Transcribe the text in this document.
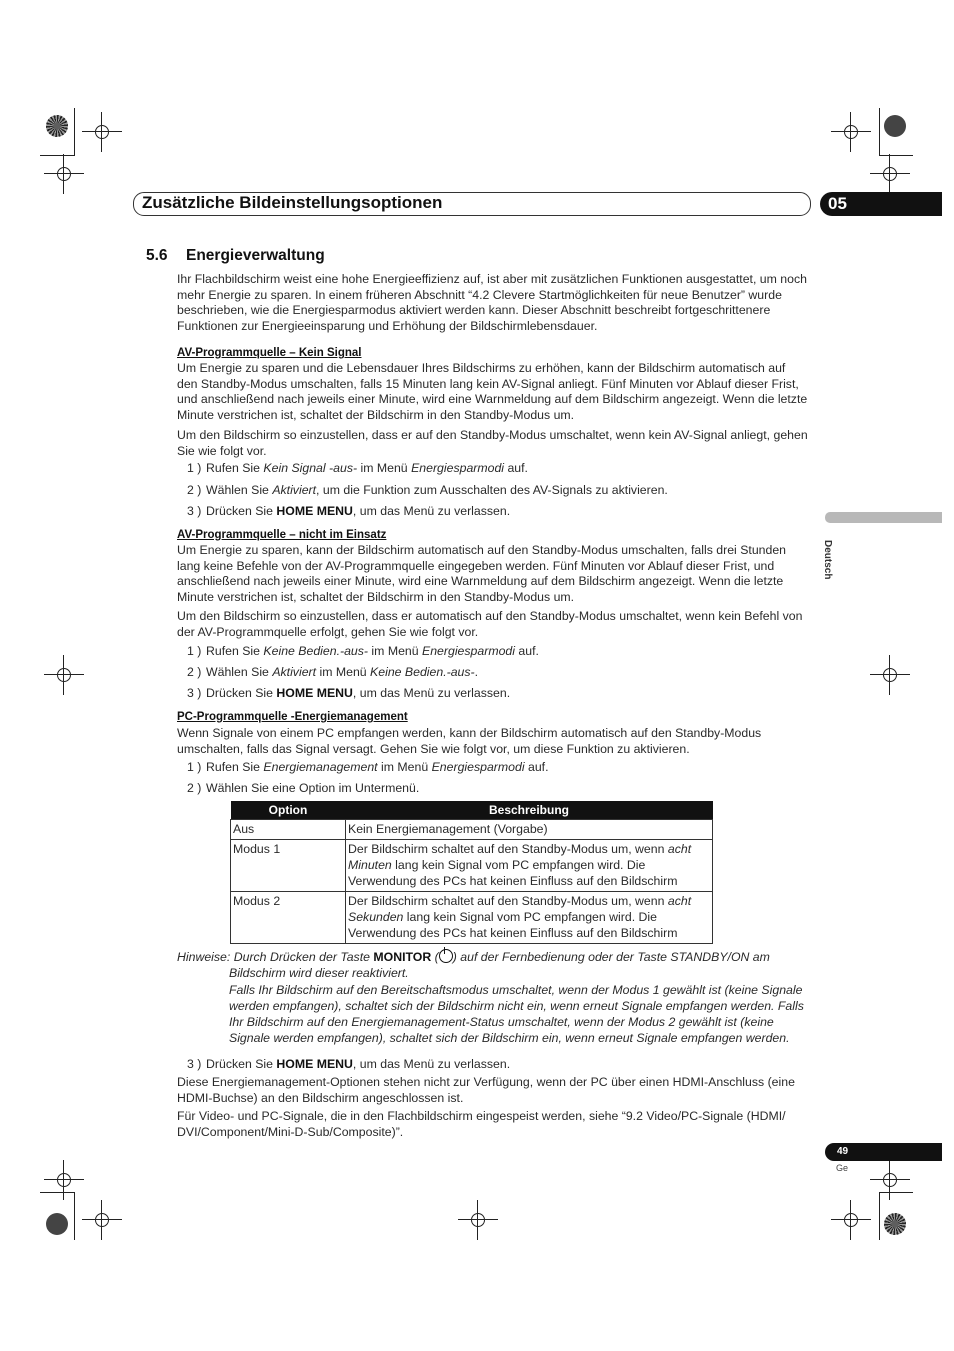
Zusätzliche Bildeinstellungsoptionen	05
Deutsch
49
Ge
5.6 Energieverwaltung
Ihr Flachbildschirm weist eine hohe Energieeffizienz auf, ist aber mit zusätzlichen Funktionen ausgestattet, um noch mehr Energie zu sparen. In einem früheren Abschnitt “4.2 Clevere Startmöglichkeiten für neue Benutzer” wurde beschrieben, wie die Energiesparmodus aktiviert werden kann. Dieser Abschnitt beschreibt fortgeschrittenere Funktionen zur Energieeinsparung und Erhöhung der Bildschirmlebensdauer.
AV-Programmquelle – Kein Signal
Um Energie zu sparen und die Lebensdauer Ihres Bildschirms zu erhöhen, kann der Bildschirm automatisch auf den Standby-Modus umschalten, falls 15 Minuten lang kein AV-Signal anliegt. Fünf Minuten vor Ablauf dieser Frist, und anschließend nach jeweils einer Minute, wird eine Warnmeldung auf dem Bildschirm angezeigt. Wenn die letzte Minute verstrichen ist, schaltet der Bildschirm in den Standby-Modus um.
Um den Bildschirm so einzustellen, dass er auf den Standby-Modus umschaltet, wenn kein AV-Signal anliegt, gehen Sie wie folgt vor.
1 ) Rufen Sie Kein Signal -aus- im Menü Energiesparmodi auf.
2 ) Wählen Sie Aktiviert, um die Funktion zum Ausschalten des AV-Signals zu aktivieren.
3 ) Drücken Sie HOME MENU, um das Menü zu verlassen.
AV-Programmquelle – nicht im Einsatz
Um Energie zu sparen, kann der Bildschirm automatisch auf den Standby-Modus umschalten, falls drei Stunden lang keine Befehle von der AV-Programmquelle eingegeben werden. Fünf Minuten vor Ablauf dieser Frist, und anschließend nach jeweils einer Minute, wird eine Warnmeldung auf dem Bildschirm angezeigt. Wenn die letzte Minute verstrichen ist, schaltet der Bildschirm in den Standby-Modus um.
Um den Bildschirm so einzustellen, dass er automatisch auf den Standby-Modus umschaltet, wenn kein Befehl von der AV-Programmquelle erfolgt, gehen Sie wie folgt vor.
1 ) Rufen Sie Keine Bedien.-aus- im Menü Energiesparmodi auf.
2 ) Wählen Sie Aktiviert im Menü Keine Bedien.-aus-.
3 ) Drücken Sie HOME MENU, um das Menü zu verlassen.
PC-Programmquelle -Energiemanagement
Wenn Signale von einem PC empfangen werden, kann der Bildschirm automatisch auf den Standby-Modus umschalten, falls das Signal versagt. Gehen Sie wie folgt vor, um diese Funktion zu aktivieren.
1 ) Rufen Sie Energiemanagement im Menü Energiesparmodi auf.
2 ) Wählen Sie eine Option im Untermenü.
Option	Beschreibung
Aus	Kein Energiemanagement (Vorgabe)
Modus 1	Der Bildschirm schaltet auf den Standby-Modus um, wenn acht Minuten lang kein Signal vom PC empfangen wird. Die Verwendung des PCs hat keinen Einfluss auf den Bildschirm
Modus 2	Der Bildschirm schaltet auf den Standby-Modus um, wenn acht Sekunden lang kein Signal vom PC empfangen wird. Die Verwendung des PCs hat keinen Einfluss auf den Bildschirm
Hinweise: Durch Drücken der Taste MONITOR ( ) auf der Fernbedienung oder der Taste STANDBY/ON am
Bildschirm wird dieser reaktiviert.
Falls Ihr Bildschirm auf den Bereitschaftsmodus umschaltet, wenn der Modus 1 gewählt ist (keine Signale werden empfangen), schaltet sich der Bildschirm nicht ein, wenn erneut Signale empfangen werden. Falls Ihr Bildschirm auf den Energiemanagement-Status umschaltet, wenn der Modus 2 gewählt ist (keine Signale werden empfangen), schaltet sich der Bildschirm ein, wenn erneut Signale empfangen werden.
3 ) Drücken Sie HOME MENU, um das Menü zu verlassen.
Diese Energiemanagement-Optionen stehen nicht zur Verfügung, wenn der PC über einen HDMI-Anschluss (eine HDMI-Buchse) an den Bildschirm angeschlossen ist.
Für Video- und PC-Signale, die in den Flachbildschirm eingespeist werden, siehe “9.2 Video/PC-Signale (HDMI/ DVI/Component/Mini-D-Sub/Composite)”.
